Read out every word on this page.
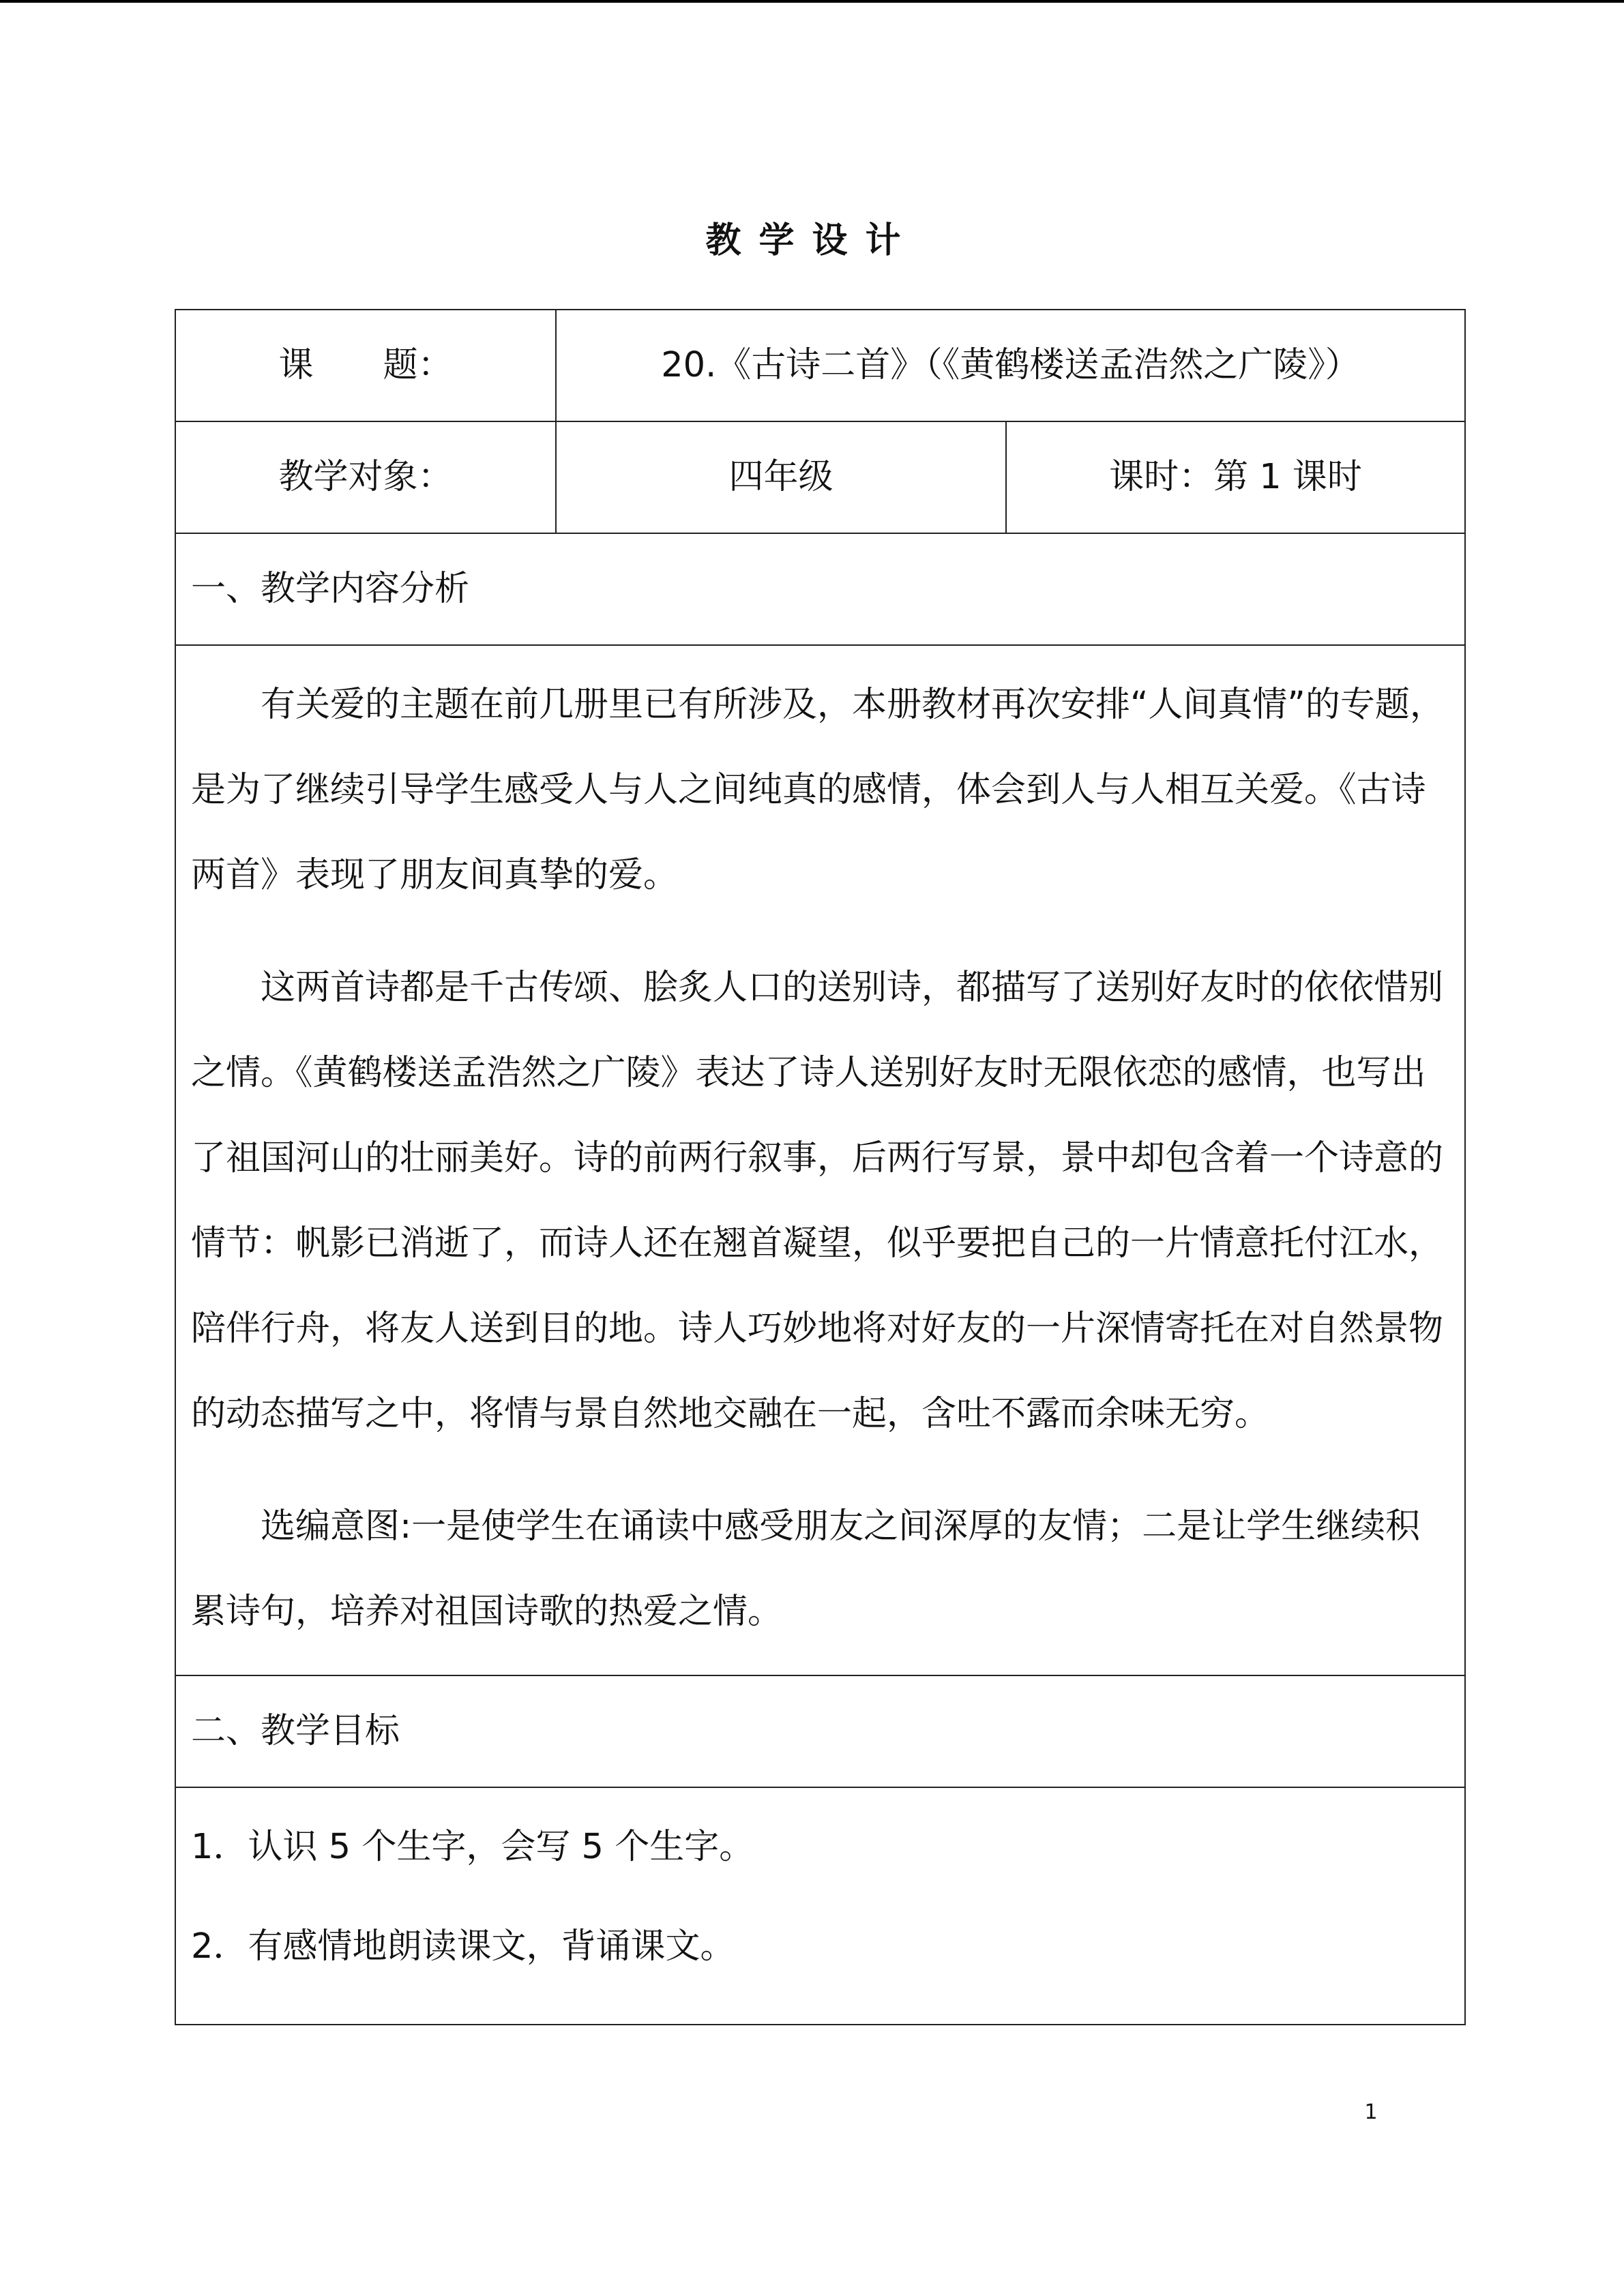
教学设计
课　　题：	20.《古诗二首》（《黄鹤楼送孟浩然之广陵》）	
教学对象：	四年级	课时：第 1 课时
一、教学内容分析		

有关爱的主题在前几册里已有所涉及，本册教材再次安排“人间真情”的专题，是为了继续引导学生感受人与人之间纯真的感情，体会到人与人相互关爱。《古诗两首》表现了朋友间真挚的爱。

这两首诗都是千古传颂、脍炙人口的送别诗，都描写了送别好友时的依依惜别之情。《黄鹤楼送孟浩然之广陵》表达了诗人送别好友时无限依恋的感情，也写出了祖国河山的壮丽美好。诗的前两行叙事，后两行写景，景中却包含着一个诗意的情节：帆影已消逝了，而诗人还在翘首凝望，似乎要把自己的一片情意托付江水，陪伴行舟，将友人送到目的地。诗人巧妙地将对好友的一片深情寄托在对自然景物的动态描写之中，将情与景自然地交融在一起，含吐不露而余味无穷。

选编意图:一是使学生在诵读中感受朋友之间深厚的友情；二是让学生继续积累诗句，培养对祖国诗歌的热爱之情。		

二、教学目标		

1．认识 5 个生字，会写 5 个生字。

2．有感情地朗读课文，背诵课文。		

1
